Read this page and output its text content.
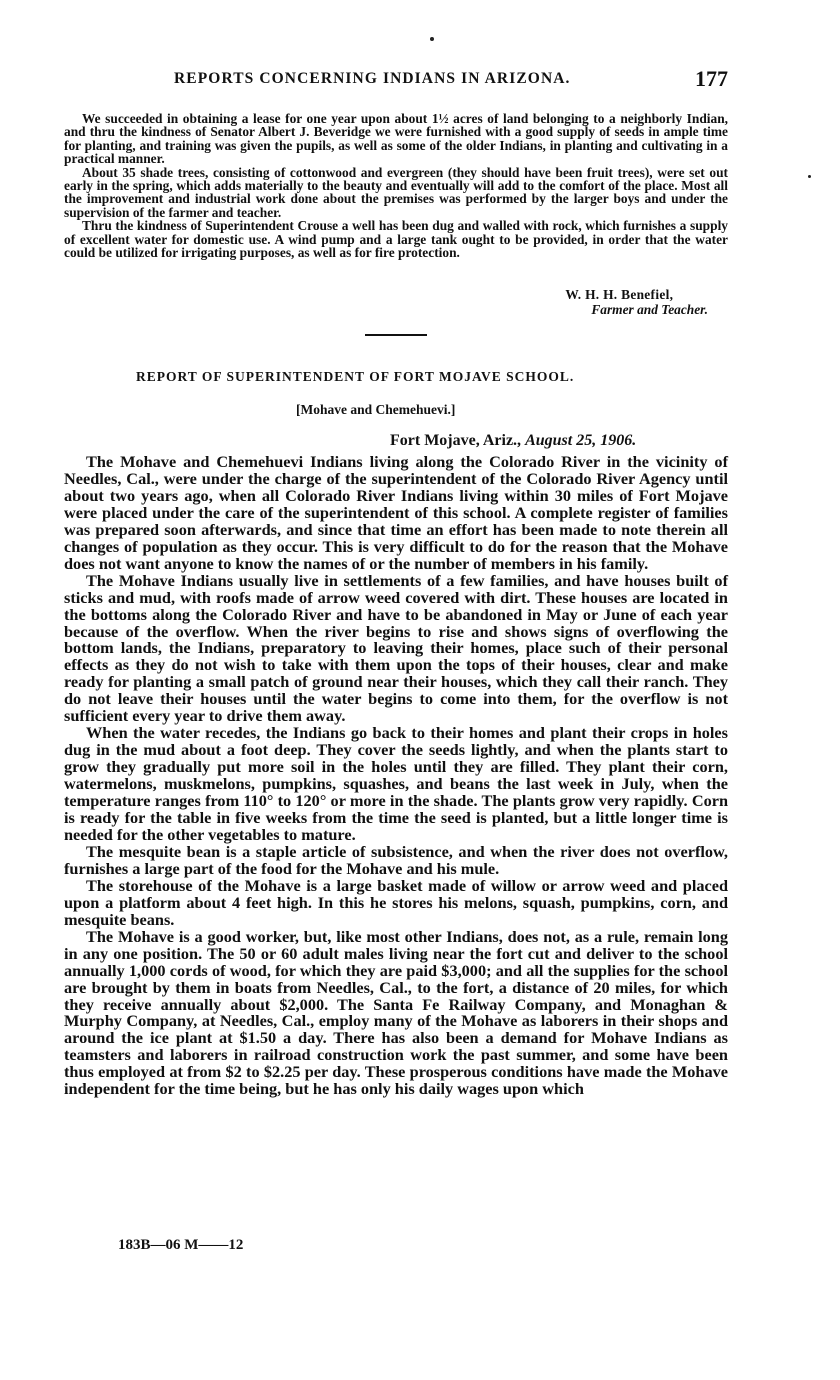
REPORTS CONCERNING INDIANS IN ARIZONA.	177

We succeeded in obtaining a lease for one year upon about 1½ acres of land belonging to a neighborly Indian, and thru the kindness of Senator Albert J. Beveridge we were furnished with a good supply of seeds in ample time for planting, and training was given the pupils, as well as some of the older Indians, in planting and cultivating in a practical manner.

About 35 shade trees, consisting of cottonwood and evergreen (they should have been fruit trees), were set out early in the spring, which adds materially to the beauty and eventually will add to the comfort of the place. Most all the improvement and industrial work done about the premises was performed by the larger boys and under the supervision of the farmer and teacher.

Thru the kindness of Superintendent Crouse a well has been dug and walled with rock, which furnishes a supply of excellent water for domestic use. A wind pump and a large tank ought to be provided, in order that the water could be utilized for irrigating purposes, as well as for fire protection.

W. H. H. Benefiel,
Farmer and Teacher.
REPORT OF SUPERINTENDENT OF FORT MOJAVE SCHOOL.
[Mohave and Chemehuevi.]
Fort Mojave, Ariz., August 25, 1906.

The Mohave and Chemehuevi Indians living along the Colorado River in the vicinity of Needles, Cal., were under the charge of the superintendent of the Colorado River Agency until about two years ago, when all Colorado River Indians living within 30 miles of Fort Mojave were placed under the care of the superintendent of this school. A complete register of families was prepared soon afterwards, and since that time an effort has been made to note therein all changes of population as they occur. This is very difficult to do for the reason that the Mohave does not want anyone to know the names of or the number of members in his family.

The Mohave Indians usually live in settlements of a few families, and have houses built of sticks and mud, with roofs made of arrow weed covered with dirt. These houses are located in the bottoms along the Colorado River and have to be abandoned in May or June of each year because of the overflow. When the river begins to rise and shows signs of overflowing the bottom lands, the Indians, preparatory to leaving their homes, place such of their personal effects as they do not wish to take with them upon the tops of their houses, clear and make ready for planting a small patch of ground near their houses, which they call their ranch. They do not leave their houses until the water begins to come into them, for the overflow is not sufficient every year to drive them away.

When the water recedes, the Indians go back to their homes and plant their crops in holes dug in the mud about a foot deep. They cover the seeds lightly, and when the plants start to grow they gradually put more soil in the holes until they are filled. They plant their corn, watermelons, muskmelons, pumpkins, squashes, and beans the last week in July, when the temperature ranges from 110° to 120° or more in the shade. The plants grow very rapidly. Corn is ready for the table in five weeks from the time the seed is planted, but a little longer time is needed for the other vegetables to mature.

The mesquite bean is a staple article of subsistence, and when the river does not overflow, furnishes a large part of the food for the Mohave and his mule.

The storehouse of the Mohave is a large basket made of willow or arrow weed and placed upon a platform about 4 feet high. In this he stores his melons, squash, pumpkins, corn, and mesquite beans.

The Mohave is a good worker, but, like most other Indians, does not, as a rule, remain long in any one position. The 50 or 60 adult males living near the fort cut and deliver to the school annually 1,000 cords of wood, for which they are paid $3,000; and all the supplies for the school are brought by them in boats from Needles, Cal., to the fort, a distance of 20 miles, for which they receive annually about $2,000. The Santa Fe Railway Company, and Monaghan & Murphy Company, at Needles, Cal., employ many of the Mohave as laborers in their shops and around the ice plant at $1.50 a day. There has also been a demand for Mohave Indians as teamsters and laborers in railroad construction work the past summer, and some have been thus employed at from $2 to $2.25 per day. These prosperous conditions have made the Mohave independent for the time being, but he has only his daily wages upon which

183B—06 M——12
